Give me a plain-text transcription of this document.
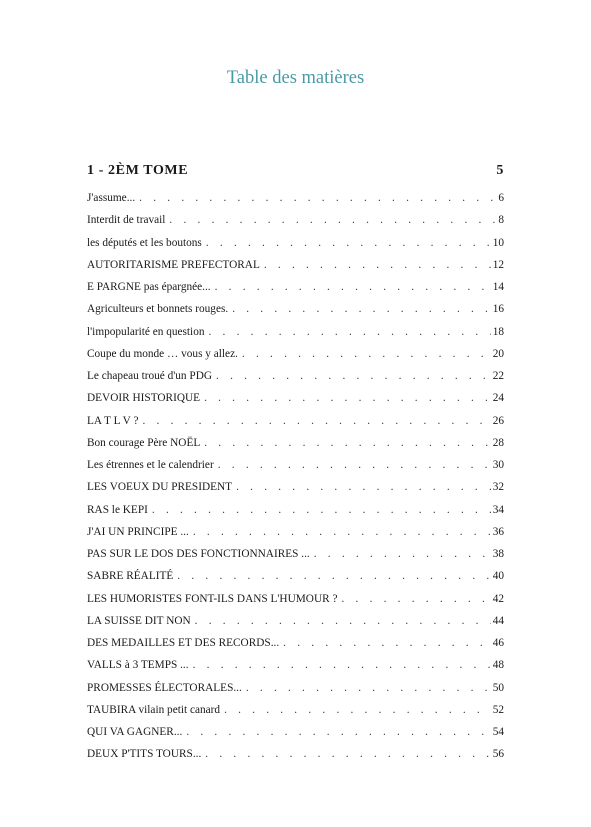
Table des matières
1 - 2ÈM TOME	5
J'assume... . . .	6
Interdit de travail . . .	8
les députés et les boutons . . .	10
AUTORITARISME PREFECTORAL . . .	12
E PARGNE pas épargnée... . . .	14
Agriculteurs et bonnets rouges. . . .	16
l'impopularité en question . . .	18
Coupe du monde … vous y allez. . . .	20
Le chapeau troué d'un PDG . . .	22
DEVOIR HISTORIQUE . . .	24
LA T L V ? . . .	26
Bon courage Père NOËL . . .	28
Les étrennes et le calendrier . . .	30
LES VOEUX DU PRESIDENT . . .	32
RAS le KEPI . . .	34
J'AI UN PRINCIPE ... . . .	36
PAS SUR LE DOS DES FONCTIONNAIRES ... . . .	38
SABRE RÉALITÉ . . .	40
LES HUMORISTES FONT-ILS DANS L'HUMOUR ? . . .	42
LA SUISSE DIT NON . . .	44
DES MEDAILLES ET DES RECORDS... . . .	46
VALLS à 3 TEMPS ... . . .	48
PROMESSES ÉLECTORALES... . . .	50
TAUBIRA vilain petit canard . . .	52
QUI VA GAGNER... . . .	54
DEUX P'TITS TOURS... . . .	56
